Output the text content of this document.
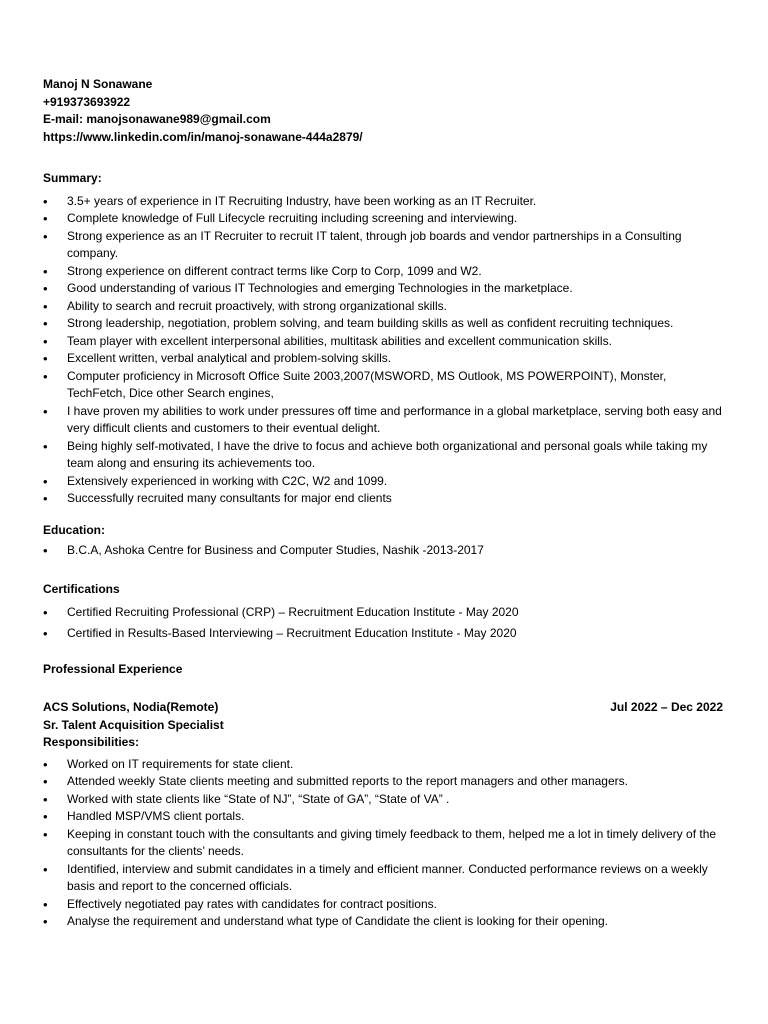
Manoj N Sonawane
+919373693922
E-mail: manojsonawane989@gmail.com
https://www.linkedin.com/in/manoj-sonawane-444a2879/
Summary:
• 3.5+ years of experience in IT Recruiting Industry, have been working as an IT Recruiter.
• Complete knowledge of Full Lifecycle recruiting including screening and interviewing.
• Strong experience as an IT Recruiter to recruit IT talent, through job boards and vendor partnerships in a Consulting company.
• Strong experience on different contract terms like Corp to Corp, 1099 and W2.
• Good understanding of various IT Technologies and emerging Technologies in the marketplace.
• Ability to search and recruit proactively, with strong organizational skills.
• Strong leadership, negotiation, problem solving, and team building skills as well as confident recruiting techniques.
• Team player with excellent interpersonal abilities, multitask abilities and excellent communication skills.
• Excellent written, verbal analytical and problem-solving skills.
• Computer proficiency in Microsoft Office Suite 2003,2007(MSWORD, MS Outlook, MS POWERPOINT), Monster, TechFetch, Dice other Search engines,
• I have proven my abilities to work under pressures off time and performance in a global marketplace, serving both easy and very difficult clients and customers to their eventual delight.
• Being highly self-motivated, I have the drive to focus and achieve both organizational and personal goals while taking my team along and ensuring its achievements too.
• Extensively experienced in working with C2C, W2 and 1099.
• Successfully recruited many consultants for major end clients
Education:
• B.C.A, Ashoka Centre for Business and Computer Studies, Nashik -2013-2017
Certifications
• Certified Recruiting Professional (CRP) – Recruitment Education Institute - May 2020
• Certified in Results-Based Interviewing – Recruitment Education Institute - May 2020
Professional Experience
ACS Solutions, Nodia(Remote)	Jul 2022 – Dec 2022
Sr. Talent Acquisition Specialist
Responsibilities:
• Worked on IT requirements for state client.
• Attended weekly State clients meeting and submitted reports to the report managers and other managers.
• Worked with state clients like “State of NJ”, “State of GA”, “State of VA” .
• Handled MSP/VMS client portals.
• Keeping in constant touch with the consultants and giving timely feedback to them, helped me a lot in timely delivery of the consultants for the clients’ needs.
• Identified, interview and submit candidates in a timely and efficient manner. Conducted performance reviews on a weekly basis and report to the concerned officials.
• Effectively negotiated pay rates with candidates for contract positions.
• Analyse the requirement and understand what type of Candidate the client is looking for their opening.
